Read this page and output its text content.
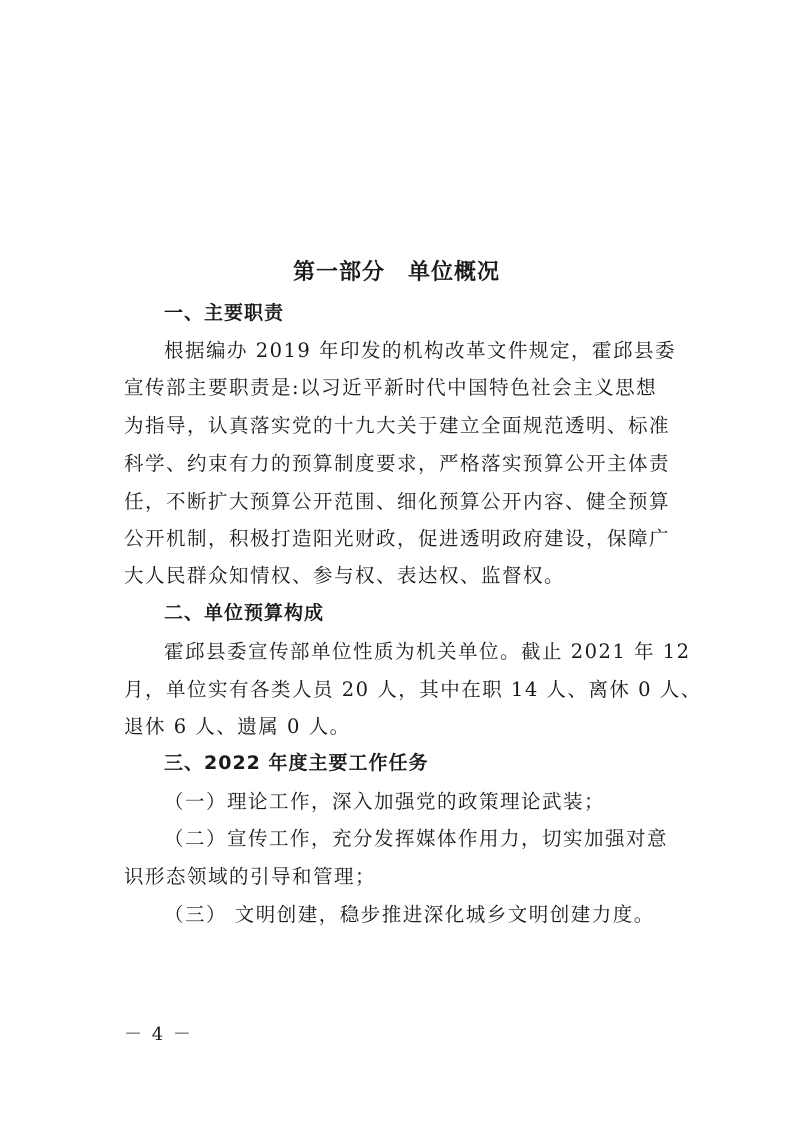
第一部分　单位概况
一、主要职责
根据编办 2019 年印发的机构改革文件规定，霍邱县委
宣传部主要职责是:以习近平新时代中国特色社会主义思想
为指导，认真落实党的十九大关于建立全面规范透明、标准
科学、约束有力的预算制度要求，严格落实预算公开主体责
任，不断扩大预算公开范围、细化预算公开内容、健全预算
公开机制，积极打造阳光财政，促进透明政府建设，保障广
大人民群众知情权、参与权、表达权、监督权。
二、单位预算构成
霍邱县委宣传部单位性质为机关单位。截止 2021 年 12
月，单位实有各类人员 20 人，其中在职 14 人、离休 0 人、
退休 6 人、遗属 0 人。
三、2022 年度主要工作任务
（一）理论工作，深入加强党的政策理论武装；
（二）宣传工作，充分发挥媒体作用力，切实加强对意
识形态领域的引导和管理；
（三） 文明创建，稳步推进深化城乡文明创建力度。
－ 4 －
